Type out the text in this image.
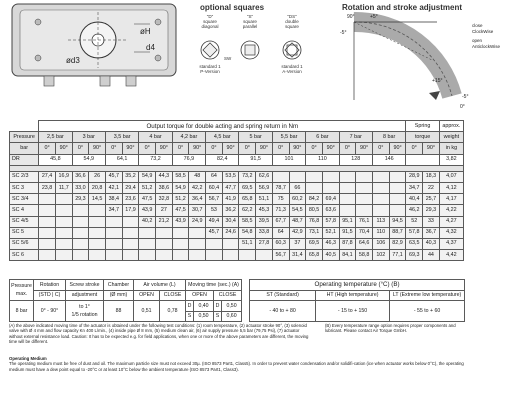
ød3
øH
d4
optional squares
SW
"D"
square
diagonal
"S"
square
parallel
"DS"
double
square
standard 1
P-Version
standard 1
A-Version
Rotation and stroke adjustment
90°	+5°
-5°
+15°
-5°
0°
close
ClockWise
open
AnticlockWise
	Output torque for double acting and spring return in Nm																						Spring		approx.
Pressure	2,5 bar		3 bar		3,5 bar		4 bar		4,2 bar		4,5 bar		5 bar		5,5 bar		6 bar		7 bar		8 bar		torque		weight
bar	0°	90°	0°	90°	0°	90°	0°	90°	0°	90°	0°	90°	0°	90°	0°	90°	0°	90°	0°	90°	0°	90°	0°	90°	in kg
DR	45,8		54,9		64,1		73,2		76,9		82,4		91,5		101		110		128		146				3,82

SC 2/3	27,4	16,9	36,6	26	45,7	35,2	54,9	44,3	58,5	48	64	53,5	73,2	62,6									28,9	18,3	4,07
SC 3	23,8	11,7	33,0	20,8	42,1	29,4	51,2	38,6	54,9	42,2	60,4	47,7	69,5	56,9	78,7	66							34,7	22	4,12
SC 3/4			29,3	14,5	38,4	23,6	47,5	32,8	51,2	36,4	56,7	41,9	65,8	51,1	75	60,2	84,2	69,4					40,4	25,7	4,17
SC 4					34,7	17,9	43,9	27	47,5	30,7	53	36,2	62,2	45,3	71,3	54,5	80,5	63,6					46,2	29,3	4,22
SC 4/5							40,2	21,2	43,9	24,9	49,4	30,4	58,5	39,5	67,7	48,7	76,8	57,8	95,1	76,1	113	94,5	52	33	4,27
SC 5											45,7	24,6	54,8	33,8	64	42,9	73,1	52,1	91,5	70,4	110	88,7	57,8	36,7	4,32
SC 5/6													51,1	27,8	60,3	37	69,5	46,3	87,8	64,6	106	82,9	63,5	40,3	4,37
SC 6															56,7	31,4	65,8	40,5	84,1	58,8	102	77,1	69,3	44	4,42
Pressure
max.	Rotation	Screw stroke	Chamber	Air volume (L)		Moving time (sec.) (A)					Operating temperature (°C) (B)		
	(STD | C)	adjustment	(Ø mm)	OPEN	CLOSE	OPEN		CLOSE			ST (Standard)	HT (High temperature)	LT (Extreme low temperature)
8 bar	0° - 90°	to 1°
1/5 rotation	88	0,51	0,78	D	0,40	D	0,50		- 40 to + 80	- 15 to + 150	- 55 to + 60
						S	0,50	S	0,60				

(A) the above indicated moving time of the actuator is obtained under the following test conditions: (1) room temperature, (2) actuator stroke 90°, (3) solenoid valve with Ø 4 mm and flow capacity Kn 400 L/min., (4) inside pipe Ø 8 mm, (5) medium clean air, (6) air supply pressure 5,5 bar (79,75 Psi), (7) actuator without external resistance load. Caution: It has to be expected e.g. for field applications, when one or more of the above parameters are different, the moving time will be different.

(B) Every temperature range option requires proper components and lubricant. Please contact Air Torque GmbH.

Operating Medium

The operating medium must be free of dust and oil. The maximum particle size must not exceed 30µ. (ISO 8573 Part1, Class5). In order to prevent water condensation and/or solidifi-cation (ice when actuator works below 0°C), the operating medium must have a dew point equal to -20°C or at least 10°C below the ambient temperature (ISO 8573 Part1, Class3).
